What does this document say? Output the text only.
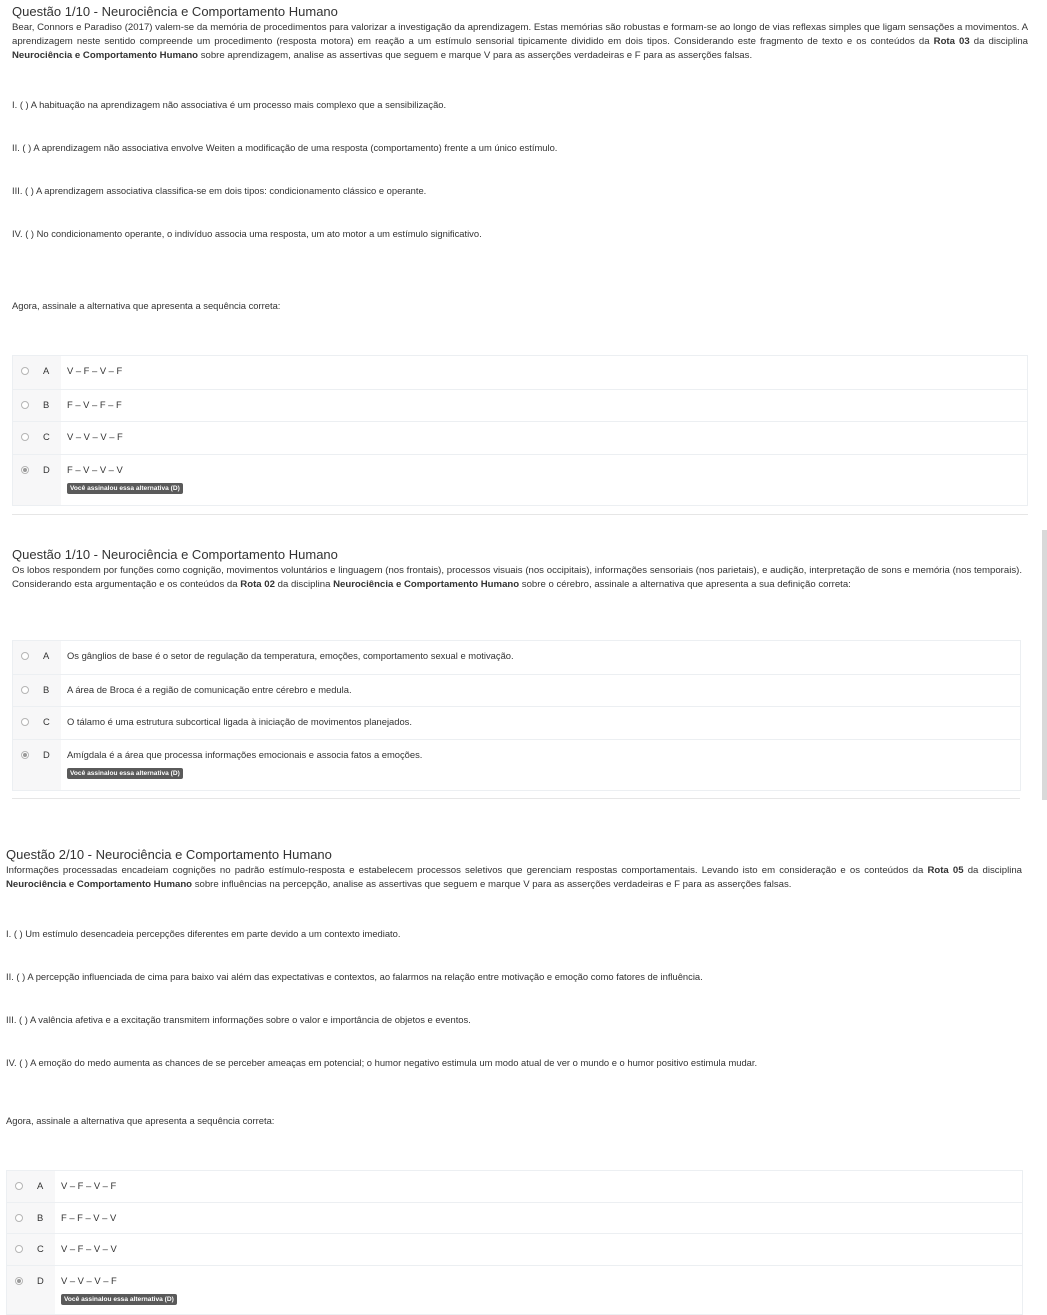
Questão 1/10 - Neurociência e Comportamento Humano
Bear, Connors e Paradiso (2017) valem-se da memória de procedimentos para valorizar a investigação da aprendizagem. Estas memórias são robustas e formam-se ao longo de vias reflexas simples que ligam sensações a movimentos. A aprendizagem neste sentido compreende um procedimento (resposta motora) em reação a um estímulo sensorial tipicamente dividido em dois tipos. Considerando este fragmento de texto e os conteúdos da Rota 03 da disciplina Neurociência e Comportamento Humano sobre aprendizagem, analise as assertivas que seguem e marque V para as asserções verdadeiras e F para as asserções falsas.
I. ( ) A habituação na aprendizagem não associativa é um processo mais complexo que a sensibilização.
II. ( ) A aprendizagem não associativa envolve Weiten a modificação de uma resposta (comportamento) frente a um único estímulo.
III. ( ) A aprendizagem associativa classifica-se em dois tipos: condicionamento clássico e operante.
IV. ( ) No condicionamento operante, o indivíduo associa uma resposta, um ato motor a um estímulo significativo.
Agora, assinale a alternativa que apresenta a sequência correta:
A V – F – V – F
B F – V – F – F
C V – V – V – F
D F – V – V – V
Você assinalou essa alternativa (D)
Questão 1/10 - Neurociência e Comportamento Humano
Os lobos respondem por funções como cognição, movimentos voluntários e linguagem (nos frontais), processos visuais (nos occipitais), informações sensoriais (nos parietais), e audição, interpretação de sons e memória (nos temporais). Considerando esta argumentação e os conteúdos da Rota 02 da disciplina Neurociência e Comportamento Humano sobre o cérebro, assinale a alternativa que apresenta a sua definição correta:
A Os gânglios de base é o setor de regulação da temperatura, emoções, comportamento sexual e motivação.
B A área de Broca é a região de comunicação entre cérebro e medula.
C O tálamo é uma estrutura subcortical ligada à iniciação de movimentos planejados.
D Amígdala é a área que processa informações emocionais e associa fatos a emoções.
Você assinalou essa alternativa (D)
Questão 2/10 - Neurociência e Comportamento Humano
Informações processadas encadeiam cognições no padrão estímulo-resposta e estabelecem processos seletivos que gerenciam respostas comportamentais. Levando isto em consideração e os conteúdos da Rota 05 da disciplina Neurociência e Comportamento Humano sobre influências na percepção, analise as assertivas que seguem e marque V para as asserções verdadeiras e F para as asserções falsas.
I. ( ) Um estímulo desencadeia percepções diferentes em parte devido a um contexto imediato.
II. ( ) A percepção influenciada de cima para baixo vai além das expectativas e contextos, ao falarmos na relação entre motivação e emoção como fatores de influência.
III. ( ) A valência afetiva e a excitação transmitem informações sobre o valor e importância de objetos e eventos.
IV. ( ) A emoção do medo aumenta as chances de se perceber ameaças em potencial; o humor negativo estimula um modo atual de ver o mundo e o humor positivo estimula mudar.
Agora, assinale a alternativa que apresenta a sequência correta:
A V – F – V – F
B F – F – V – V
C V – F – V – V
D V – V – V – F
Você assinalou essa alternativa (D)
